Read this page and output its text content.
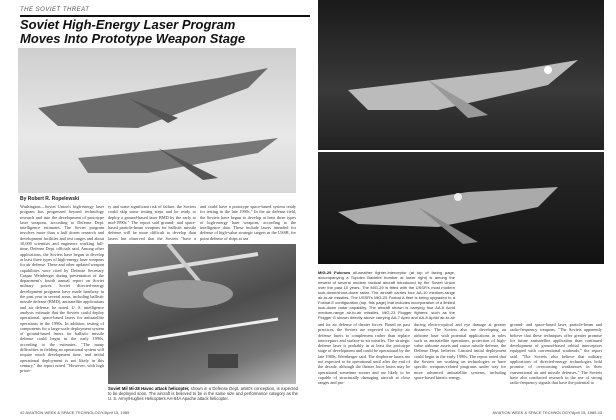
THE SOVIET THREAT
Soviet High-Energy Laser Program
Moves Into Prototype Weapon Stage
By Robert R. Ropelewski
Washington—Soviet Union's high-energy laser program has progressed beyond technology research and into the development of prototype laser weapons, according to Defense Dept. intelligence estimates. The Soviet program involves more than a half dozen research and development facilities and test ranges and about 10,000 scientists and engineers working full-time, Defense Dept. officials said. Among other applications, the Soviets have begun to develop at least three types of high-energy laser weapons for air defense. These and other updated weapon capabilities were cited by Defense Secretary Caspar Weinberger during presentation of the department's fourth annual report on Soviet military power. Soviet directed-energy development programs have made headway in the past year in several areas, including ballistic missile defense (BMD), antisatellite applications and air defense, he noted. U. S. intelligence analysts estimate that the Soviets could deploy operational, space-based lasers for antisatellite operations in the 1990s. In addition, testing of components for a large-scale deployment system of ground-based lasers for ballistic missile defense could begin in the early 1990s, according to the estimates. "The many difficulties in fielding an operational system will require much development time, and initial operational deployment is not likely in this century," the report noted. "However, with high priori-
ty and some significant risk of failure, the Soviets could skip some testing steps and be ready to deploy a ground-based laser BMD by the early to mid-1990s." The report said ground- and space-based particle-beam weapons for ballistic missile defense will be more difficult to develop than lasers but observed that the Soviets "have a
and could have a prototype space-based system ready for testing in the late 1990s." In the air defense field, the Soviets have begun to develop at least three types of high-energy laser weapons, according to the intelligence data. These include lasers intended for defense of high-value strategic targets in the USSR, for point defense of ships at sea
Soviet Mil Mi-28 Havoc attack helicopter, shown in a Defense Dept. artist's conception, is expected to be deployed soon. The aircraft is believed to be in the same size and performance category as the U. S. Army/Hughes Helicopters AH-64A Apache attack helicopter.
42 AVIATION WEEK & SPACE TECHNOLOGY/April 15, 1985
MiG-29 Fulcrum all-weather fighter-interceptor (at top of facing page, accompanying a Tupolev Backfire bomber at lower right) is among the newest of several modern tactical aircraft introduced by the Soviet Union over the past 10 years. The MiG-29 is fitted with the USSR's most modern look-down/shoot-down radar. The aircraft carries four AA-10 medium-range air-to-air missiles. The USSR's MiG-25 Foxbat A fleet is being upgraded to a Foxbat E configuration (top, this page) that includes incorporation of a limited look-down radar capability. The aircraft shown is carrying four AA-6 Acrid medium-range air-to-air missiles. MiG-23 Flogger fighters, such as the Flogger G shown directly above carrying AA-7 Apex and AA-8 Aphid air-to-air
and for air defense of theater forces. Based on past practices, the Soviets are expected to deploy air defense lasers to complement rather than replace interceptors and surface-to-air missiles. The strategic defense laser is probably in at least the prototype stage of development and could be operational by the late 1980s, Weinberger said. The shipborne lasers are not expected to be operational until after the end of the decade, although the theater force lasers may be operational sometime sooner and are likely to be capable of structurally damaging aircraft at close ranges and pro-
ducing electro-optical and eye damage at greater distances. The Soviets also are developing an airborne laser with potential applications in roles such as antisatellite operations, protection of high-value airborne assets and cruise missile defense, the Defense Dept. believes. Limited initial deployment could begin in the early 1990s. The report noted that the Soviets are working on technologies or have specific weapons-related programs under way for more advanced antisatellite systems, including space-based kinetic energy,
ground- and space-based laser, particle-beam and radio-frequency weapons. "The Soviets apparently believe that these techniques offer greater promise for future antisatellite application than continued development of ground-based orbital interceptors equipped with conventional warheads," the report said. "The Soviets also believe that military applications of directed-energy technologies hold promise of overcoming weaknesses in their conventional air and missile defenses." The Soviets have also conducted research in the use of strong radio-frequency signals that have the potential to
AVIATION WEEK & SPACE TECHNOLOGY/April 15, 1985 43
